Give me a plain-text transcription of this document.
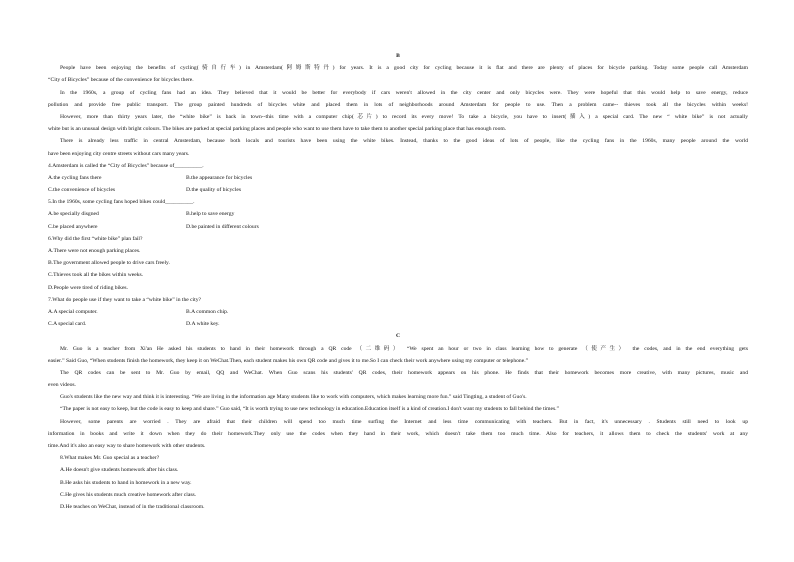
B
People have been enjoying the benefits of cycling(骑自行车) in Amsterdam(阿姆斯特丹) for years. It is a good city for cycling because it is flat and there are plenty of places for bicycle parking. Today some people call Amsterdam
“City of Bicycles” because of the convenience for bicycles there.
In the 1960s, a group of cycling fans had an idea. They believed that it would be better for everybody if cars weren't allowed in the city center and only bicycles were. They were hopeful that this would help to save energy, reduce
pollution and provide free public transport. The group painted hundreds of bicycles white and placed them in lots of neighborhoods around Amsterdam for people to use. Then a problem came-- thieves took all the bicycles within weeks!
However, more than thirty years later, the “white bike” is back in town--this time with a computer chip(芯片) to record its every move! To take a bicycle, you have to insert(插入) a special card. The new “ white bike” is not actually
white but is an unusual design with bright colours. The bikes are parked at special parking places and people who want to use them have to take them to another special parking place that has enough room.
There is already less traffic in central Amsterdam, because both locals and tourists have been using the white bikes. Instead, thanks to the good ideas of lots of people, like the cycling fans in the 1960s, many people around the world
have been enjoying city centre streets without cars many years.
4.Amsterdam is called the “City of Bicycles” because of__________.
A.the cycling fans there	B.the appearance for bicycles
C.the convenience of bicycles	D.the quality of bicycles
5.In the 1960s, some cycling fans hoped bikes could__________.
A.be specially disgned	B.help to save energy
C.be placed anywhere	D.be painted in different colours
6.Why did the first “white bike” plan fail?
A.There were not enough parking places.
B.The government allowed people to drive cars freely.
C.Thieves took all the bikes within weeks.
D.People were tired of riding bikes.
7.What do people use if they want to take a “white bike” in the city?
A.A special computer.	B.A common chip.
C.A special card.	D.A white key.
C
Mr. Guo is a teacher from Xi'an He asked his students to hand in their homework through a QR code （二维码） “We spent an hour or two in class learning how to generate （使产生） the codes, and in the end everything gets
easier.” Said Guo, “When students finish the homework, they keep it on WeChat.Then, each student makes his own QR code and gives it to me.So I can check their work anywhere using my computer or telephone.”
The QR codes can be sent to Mr. Guo by email, QQ and WeChat. When Guo scans his students' QR codes, their homework appears on his phone. He finds that their homework becomes more creative, with many pictures, music and
even videos.
Guo's students like the new way and think it is interesting. “We are living in the information age Many students like to work with computers, which makes learning more fun.” said Tingting, a student of Guo's.
“The paper is not easy to keep, but the code is easy to keep and share.” Guo said, “It is worth trying to use new technology in education.Education itself is a kind of creation.I don't want my students to fall behind the times.”
However, some parents are worried . They are afraid that their children will spend too much time surfing the Internet and less time communicating with teachers. But in fact, it's unnecessary . Students still need to look up
information in books and write it down when they do their homework.They only use the codes when they hand in their work, which doesn't take them too much time. Also for teachers, it allows them to check the students' work at any
time.And it's also an easy way to share homework with other students.
8.What makes Mr. Guo special as a teacher?
A.He doesn't give students homework after his class.
B.He asks his students to hand in homework in a new way.
C.He gives his students much creative homework after class.
D.He teaches on WeChat, instead of in the traditional classroom.
